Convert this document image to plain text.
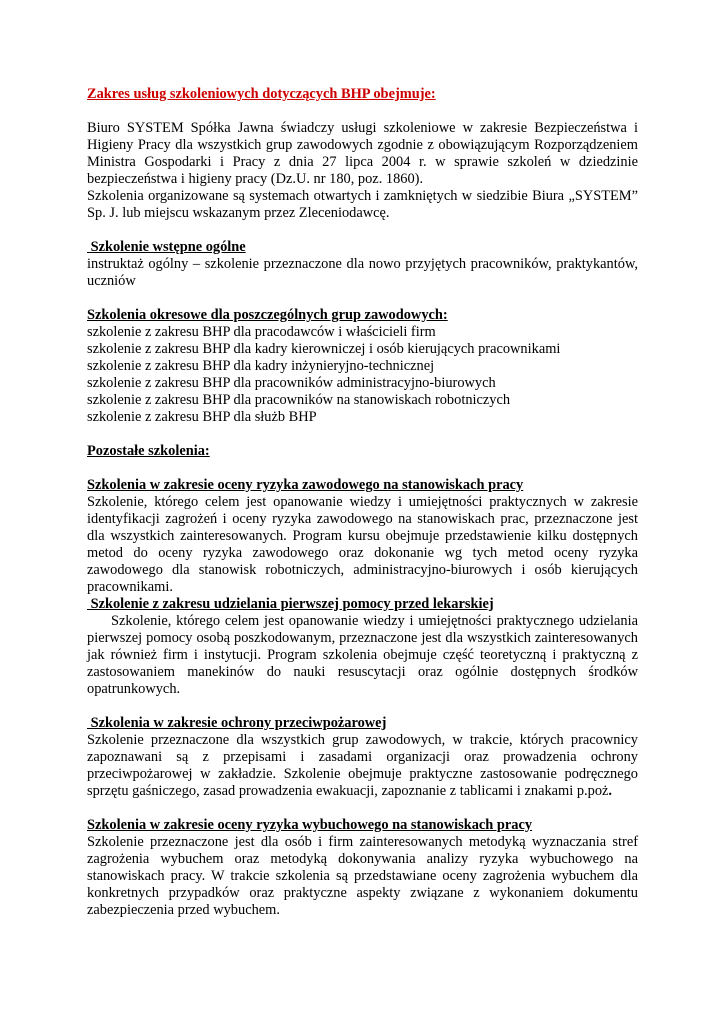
Zakres usług szkoleniowych dotyczących BHP obejmuje:

Biuro SYSTEM Spółka Jawna świadczy usługi szkoleniowe w zakresie Bezpieczeństwa i Higieny Pracy dla wszystkich grup zawodowych zgodnie z obowiązującym Rozporządzeniem Ministra Gospodarki i Pracy z dnia 27 lipca 2004 r. w sprawie szkoleń w dziedzinie bezpieczeństwa i higieny pracy (Dz.U. nr 180, poz. 1860).

Szkolenia organizowane są systemach otwartych i zamkniętych w siedzibie Biura „SYSTEM” Sp. J. lub miejscu wskazanym przez Zleceniodawcę.

Szkolenie wstępne ogólne

instruktaż ogólny – szkolenie przeznaczone dla nowo przyjętych pracowników, praktykantów, uczniów

Szkolenia okresowe dla poszczególnych grup zawodowych:

szkolenie z zakresu BHP dla pracodawców i właścicieli firm

szkolenie z zakresu BHP dla kadry kierowniczej i osób kierujących pracownikami

szkolenie z zakresu BHP dla kadry inżynieryjno-technicznej

szkolenie z zakresu BHP dla pracowników administracyjno-biurowych

szkolenie z zakresu BHP dla pracowników na stanowiskach robotniczych

szkolenie z zakresu BHP dla służb BHP

Pozostałe szkolenia:

Szkolenia w zakresie oceny ryzyka zawodowego na stanowiskach pracy

Szkolenie, którego celem jest opanowanie wiedzy i umiejętności praktycznych w zakresie identyfikacji zagrożeń i oceny ryzyka zawodowego na stanowiskach prac, przeznaczone jest dla wszystkich zainteresowanych. Program kursu obejmuje przedstawienie kilku dostępnych metod do oceny ryzyka zawodowego oraz dokonanie wg tych metod oceny ryzyka zawodowego dla stanowisk robotniczych, administracyjno-biurowych i osób kierujących pracownikami.

Szkolenie z zakresu udzielania pierwszej pomocy przed lekarskiej

Szkolenie, którego celem jest opanowanie wiedzy i umiejętności praktycznego udzielania pierwszej pomocy osobą poszkodowanym, przeznaczone jest dla wszystkich zainteresowanych jak również firm i instytucji. Program szkolenia obejmuje część teoretyczną i praktyczną z zastosowaniem manekinów do nauki resuscytacji oraz ogólnie dostępnych środków opatrunkowych.

Szkolenia w zakresie ochrony przeciwpożarowej

Szkolenie przeznaczone dla wszystkich grup zawodowych, w trakcie, których pracownicy zapoznawani są z przepisami i zasadami organizacji oraz prowadzenia ochrony przeciwpożarowej w zakładzie. Szkolenie obejmuje praktyczne zastosowanie podręcznego sprzętu gaśniczego, zasad prowadzenia ewakuacji, zapoznanie z tablicami i znakami p.poż.

Szkolenia w zakresie oceny ryzyka wybuchowego na stanowiskach pracy

Szkolenie przeznaczone jest dla osób i firm zainteresowanych metodyką wyznaczania stref zagrożenia wybuchem oraz metodyką dokonywania analizy ryzyka wybuchowego na stanowiskach pracy. W trakcie szkolenia są przedstawiane oceny zagrożenia wybuchem dla konkretnych przypadków oraz praktyczne aspekty związane z wykonaniem dokumentu zabezpieczenia przed wybuchem.
